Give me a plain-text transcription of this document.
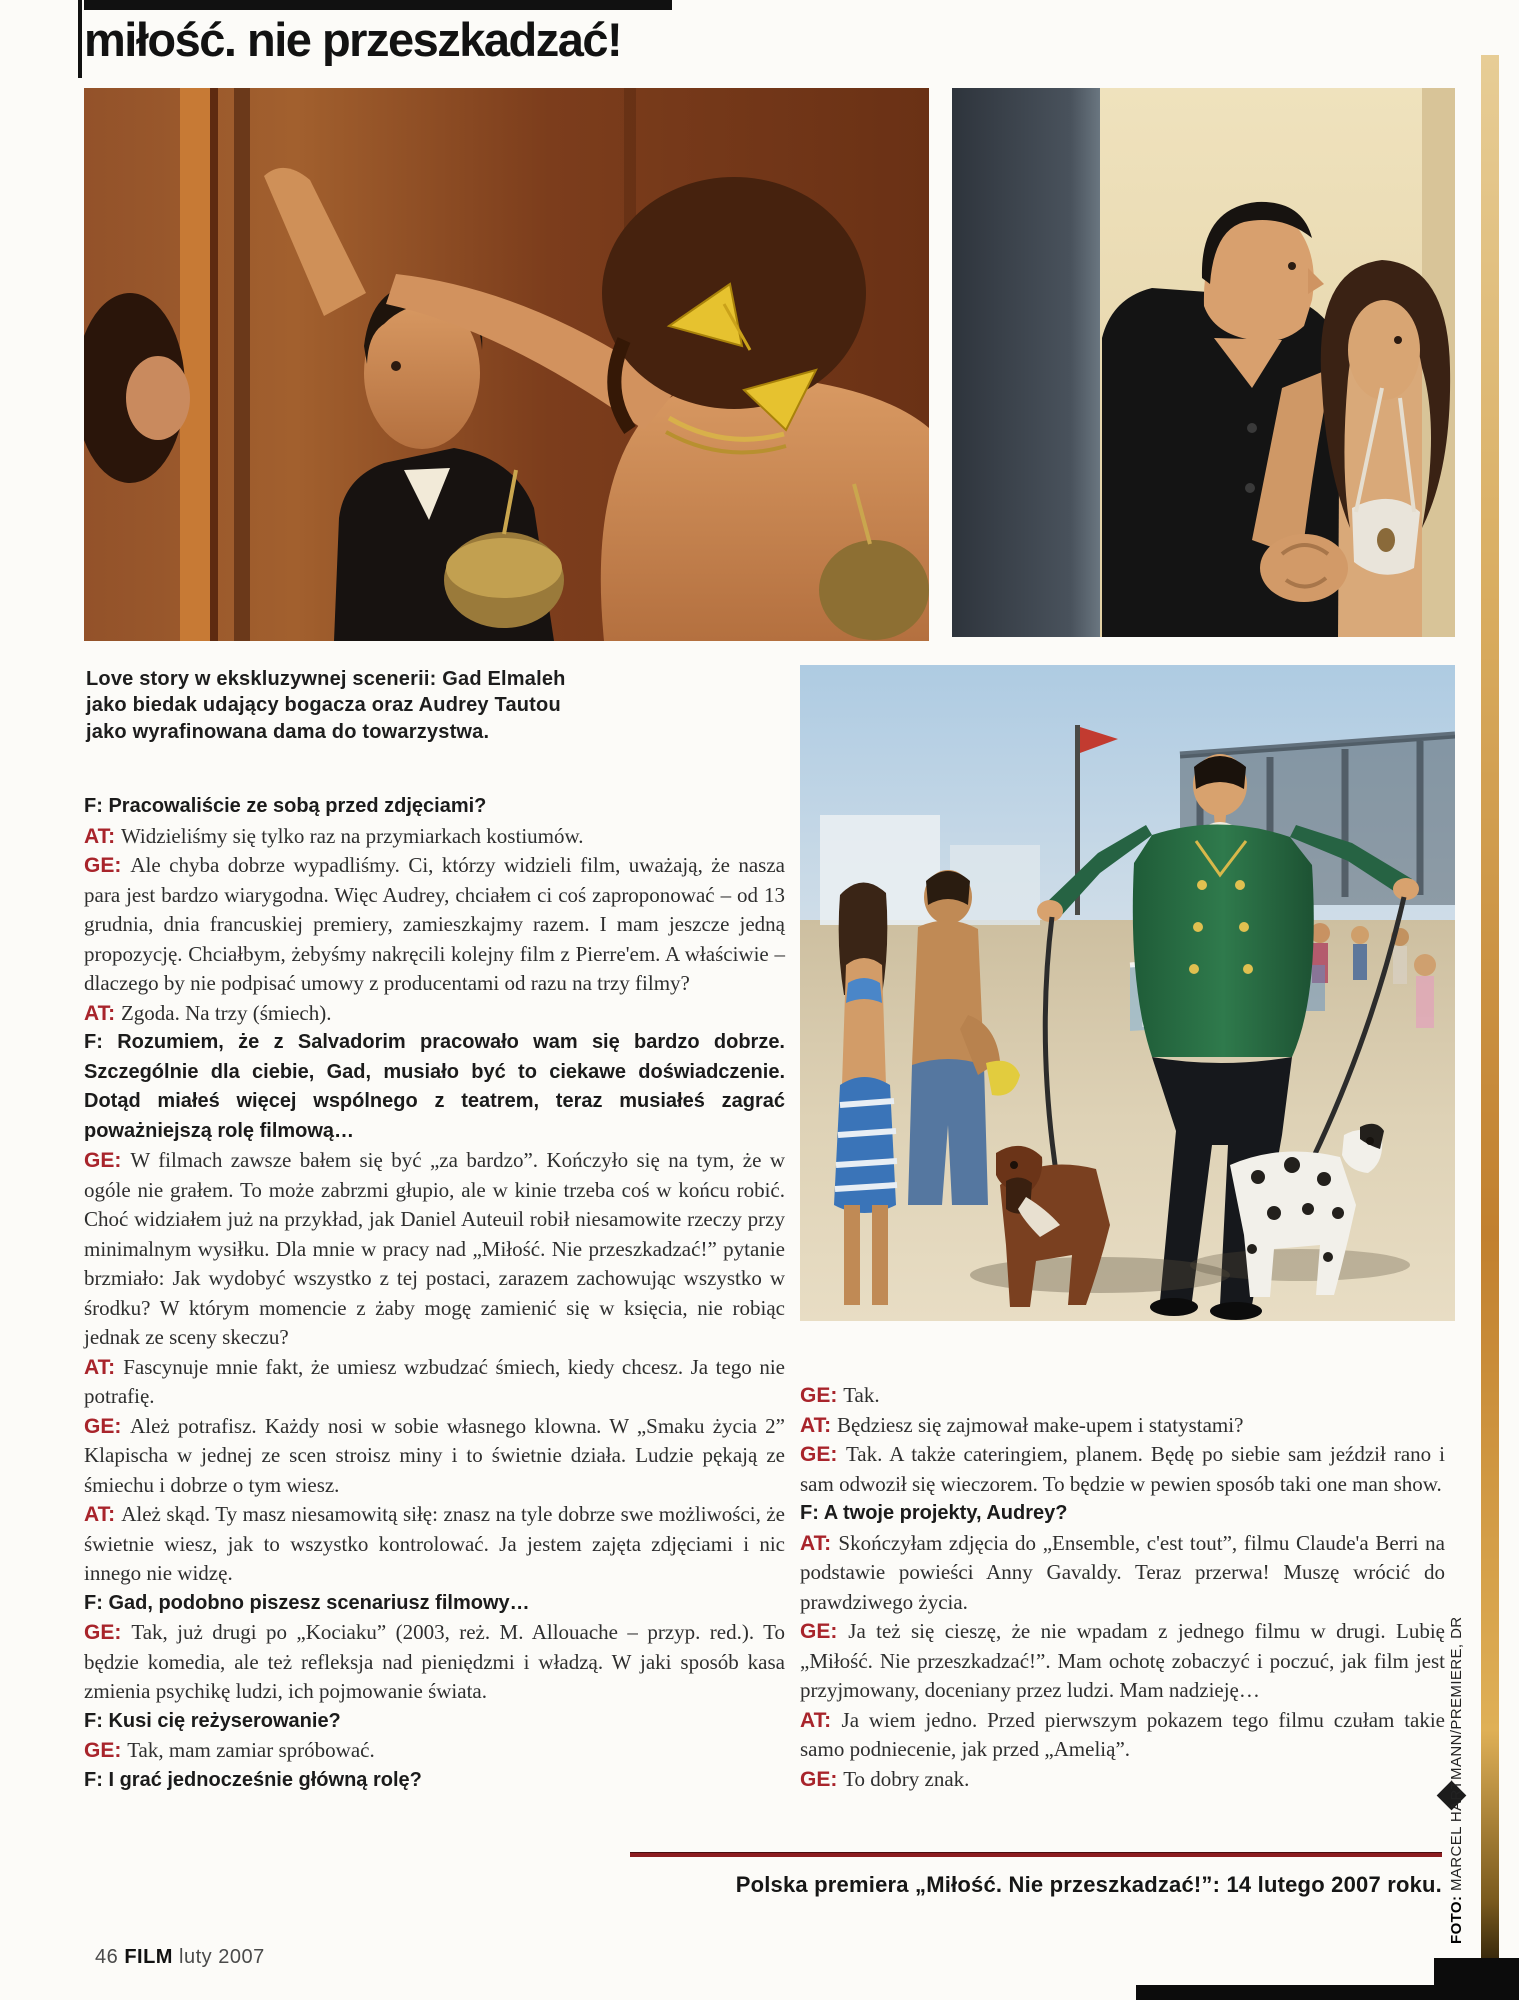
miłość. nie przeszkadzać!
Love story w ekskluzywnej scenerii: Gad Elmaleh jako biedak udający bogacza oraz Audrey Tautou jako wyrafinowana dama do towarzystwa.

F: Pracowaliście ze sobą przed zdjęciami?

AT: Widzieliśmy się tylko raz na przymiarkach kostiumów.

GE: Ale chyba dobrze wypadliśmy. Ci, którzy widzieli film, uważają, że nasza para jest bardzo wiarygodna. Więc Audrey, chciałem ci coś zaproponować – od 13 grudnia, dnia francuskiej premiery, zamieszkajmy razem. I mam jeszcze jedną propozycję. Chciałbym, żebyśmy nakręcili kolejny film z Pierre'em. A właściwie – dlaczego by nie podpisać umowy z producentami od razu na trzy filmy?

AT: Zgoda. Na trzy (śmiech).

F: Rozumiem, że z Salvadorim pracowało wam się bardzo dobrze. Szczególnie dla ciebie, Gad, musiało być to ciekawe doświadczenie. Dotąd miałeś więcej wspólnego z teatrem, teraz musiałeś zagrać poważniejszą rolę filmową…

GE: W filmach zawsze bałem się być „za bardzo”. Kończyło się na tym, że w ogóle nie grałem. To może zabrzmi głupio, ale w kinie trzeba coś w końcu robić. Choć widziałem już na przykład, jak Daniel Auteuil robił niesamowite rzeczy przy minimalnym wysiłku. Dla mnie w pracy nad „Miłość. Nie przeszkadzać!” pytanie brzmiało: Jak wydobyć wszystko z tej postaci, zarazem zachowując wszystko w środku? W którym momencie z żaby mogę zamienić się w księcia, nie robiąc jednak ze sceny skeczu?

AT: Fascynuje mnie fakt, że umiesz wzbudzać śmiech, kiedy chcesz. Ja tego nie potrafię.

GE: Ależ potrafisz. Każdy nosi w sobie własnego klowna. W „Smaku życia 2” Klapischa w jednej ze scen stroisz miny i to świetnie działa. Ludzie pękają ze śmiechu i dobrze o tym wiesz.

AT: Ależ skąd. Ty masz niesamowitą siłę: znasz na tyle dobrze swe możliwości, że świetnie wiesz, jak to wszystko kontrolować. Ja jestem zajęta zdjęciami i nic innego nie widzę.

F: Gad, podobno piszesz scenariusz filmowy…

GE: Tak, już drugi po „Kociaku” (2003, reż. M. Allouache – przyp. red.). To będzie komedia, ale też refleksja nad pieniędzmi i władzą. W jaki sposób kasa zmienia psychikę ludzi, ich pojmowanie świata.

F: Kusi cię reżyserowanie?

GE: Tak, mam zamiar spróbować.

F: I grać jednocześnie główną rolę?

GE: Tak.

AT: Będziesz się zajmował make-upem i statystami?

GE: Tak. A także cateringiem, planem. Będę po siebie sam jeździł rano i sam odwoził się wieczorem. To będzie w pewien sposób taki one man show.

F: A twoje projekty, Audrey?

AT: Skończyłam zdjęcia do „Ensemble, c'est tout”, filmu Claude'a Berri na podstawie powieści Anny Gavaldy. Teraz przerwa! Muszę wrócić do prawdziwego życia.

GE: Ja też się cieszę, że nie wpadam z jednego filmu w drugi. Lubię „Miłość. Nie przeszkadzać!”. Mam ochotę zobaczyć i poczuć, jak film jest przyjmowany, doceniany przez ludzi. Mam nadzieję…

AT: Ja wiem jedno. Przed pierwszym pokazem tego filmu czułam takie samo podniecenie, jak przed „Amelią”.

GE: To dobry znak.

Polska premiera „Miłość. Nie przeszkadzać!”: 14 lutego 2007 roku.
46 FILM luty 2007
FOTO: MARCEL HARTMANN/PREMIERE, DR
